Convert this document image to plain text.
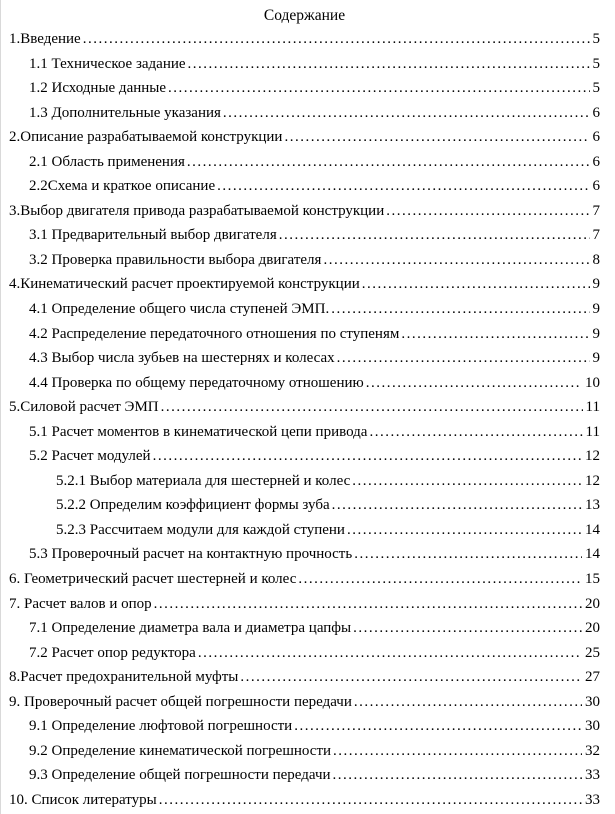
Содержание
1.Введение .....	5
1.1 Техническое задание .....	5
1.2 Исходные данные .....	5
1.3 Дополнительные указания .....	6
2.Описание разрабатываемой конструкции .....	6
2.1 Область применения .....	6
2.2Схема и краткое описание .....	6
3.Выбор двигателя привода разрабатываемой конструкции .....	7
3.1 Предварительный выбор двигателя .....	7
3.2 Проверка правильности выбора двигателя .....	8
4.Кинематический расчет проектируемой конструкции .....	9
4.1 Определение общего числа ступеней ЭМП. .....	9
4.2 Распределение передаточного отношения по ступеням .....	9
4.3 Выбор числа зубьев на шестернях и колесах .....	9
4.4 Проверка по общему передаточному отношению .....	10
5.Силовой расчет ЭМП .....	11
5.1 Расчет моментов в кинематической цепи привода .....	11
5.2 Расчет модулей .....	12
5.2.1 Выбор материала для шестерней и колес .....	12
5.2.2 Определим коэффициент формы зуба .....	13
5.2.3 Рассчитаем модули для каждой ступени .....	14
5.3 Проверочный расчет на контактную прочность .....	14
6. Геометрический расчет шестерней и колес .....	15
7. Расчет валов и опор .....	20
7.1 Определение диаметра вала и диаметра цапфы .....	20
7.2 Расчет опор редуктора .....	25
8.Расчет предохранительной муфты .....	27
9. Проверочный расчет общей погрешности передачи .....	30
9.1 Определение люфтовой погрешности .....	30
9.2 Определение кинематической погрешности .....	32
9.3 Определение общей погрешности передачи .....	33
10. Список литературы .....	33
